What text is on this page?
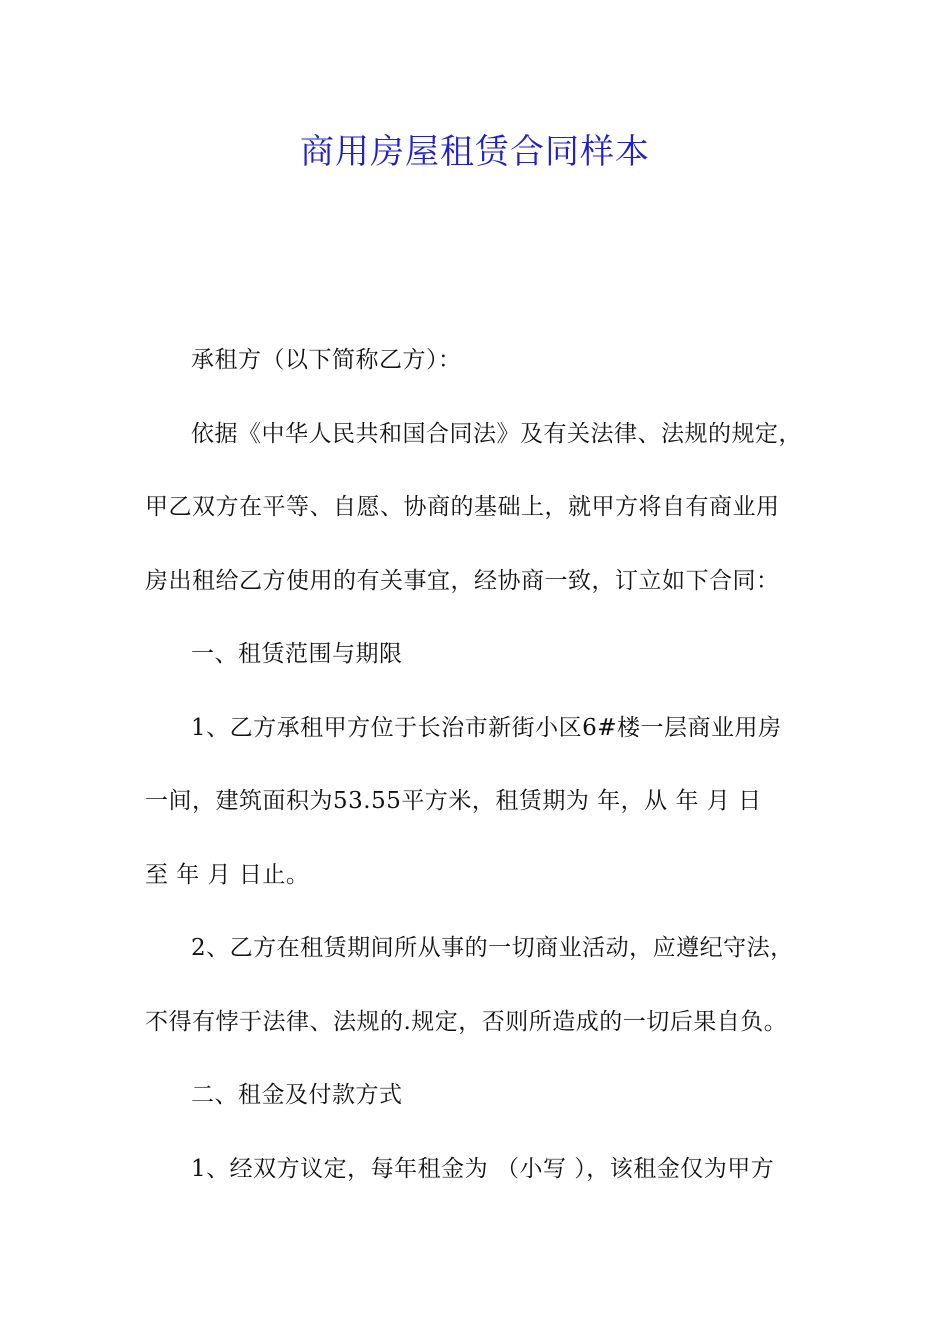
商用房屋租赁合同样本
承租方（以下简称乙方）：
依据《中华人民共和国合同法》及有关法律、法规的规定，
甲乙双方在平等、自愿、协商的基础上，就甲方将自有商业用
房出租给乙方使用的有关事宜，经协商一致，订立如下合同：
一、租赁范围与期限
1、乙方承租甲方位于长治市新街小区6#楼一层商业用房
一间，建筑面积为53.55平方米，租赁期为 年，从 年 月 日
至 年 月 日止。
2、乙方在租赁期间所从事的一切商业活动，应遵纪守法，
不得有悖于法律、法规的.规定，否则所造成的一切后果自负。
二、租金及付款方式
1、经双方议定，每年租金为 （小写 ），该租金仅为甲方
